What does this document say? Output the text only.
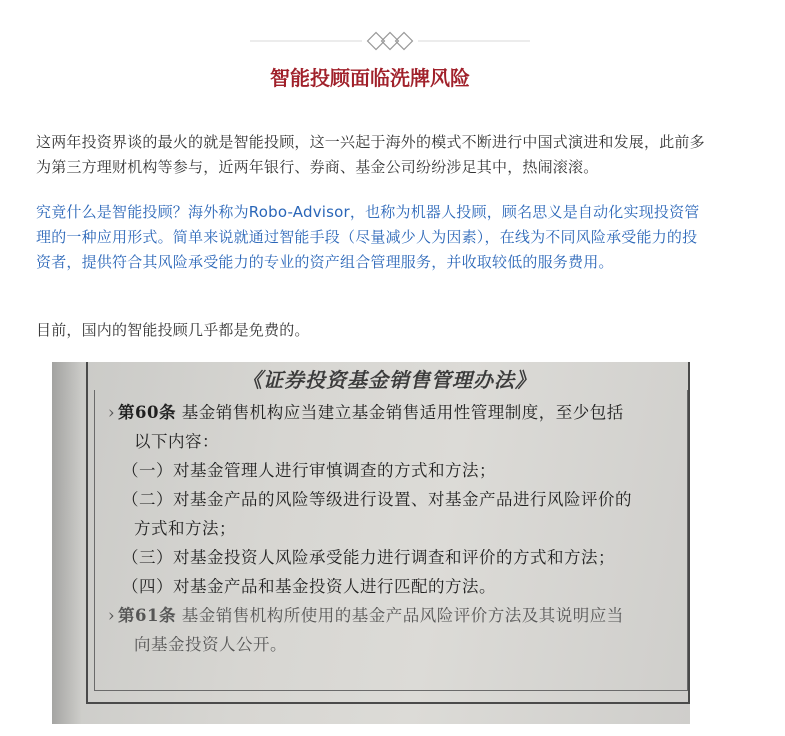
智能投顾面临洗牌风险

这两年投资界谈的最火的就是智能投顾，这一兴起于海外的模式不断进行中国式演进和发展，此前多为第三方理财机构等参与，近两年银行、券商、基金公司纷纷涉足其中，热闹滚滚。

究竟什么是智能投顾？海外称为Robo-Advisor，也称为机器人投顾，顾名思义是自动化实现投资管理的一种应用形式。简单来说就通过智能手段（尽量减少人为因素），在线为不同风险承受能力的投资者，提供符合其风险承受能力的专业的资产组合管理服务，并收取较低的服务费用。

目前，国内的智能投顾几乎都是免费的。

《证券投资基金销售管理办法》

› 第60条 基金销售机构应当建立基金销售适用性管理制度，至少包括
以下内容：
（一）对基金管理人进行审慎调查的方式和方法；
（二）对基金产品的风险等级进行设置、对基金产品进行风险评价的
方式和方法；
（三）对基金投资人风险承受能力进行调查和评价的方式和方法；
（四）对基金产品和基金投资人进行匹配的方法。
› 第61条 基金销售机构所使用的基金产品风险评价方法及其说明应当
向基金投资人公开。
